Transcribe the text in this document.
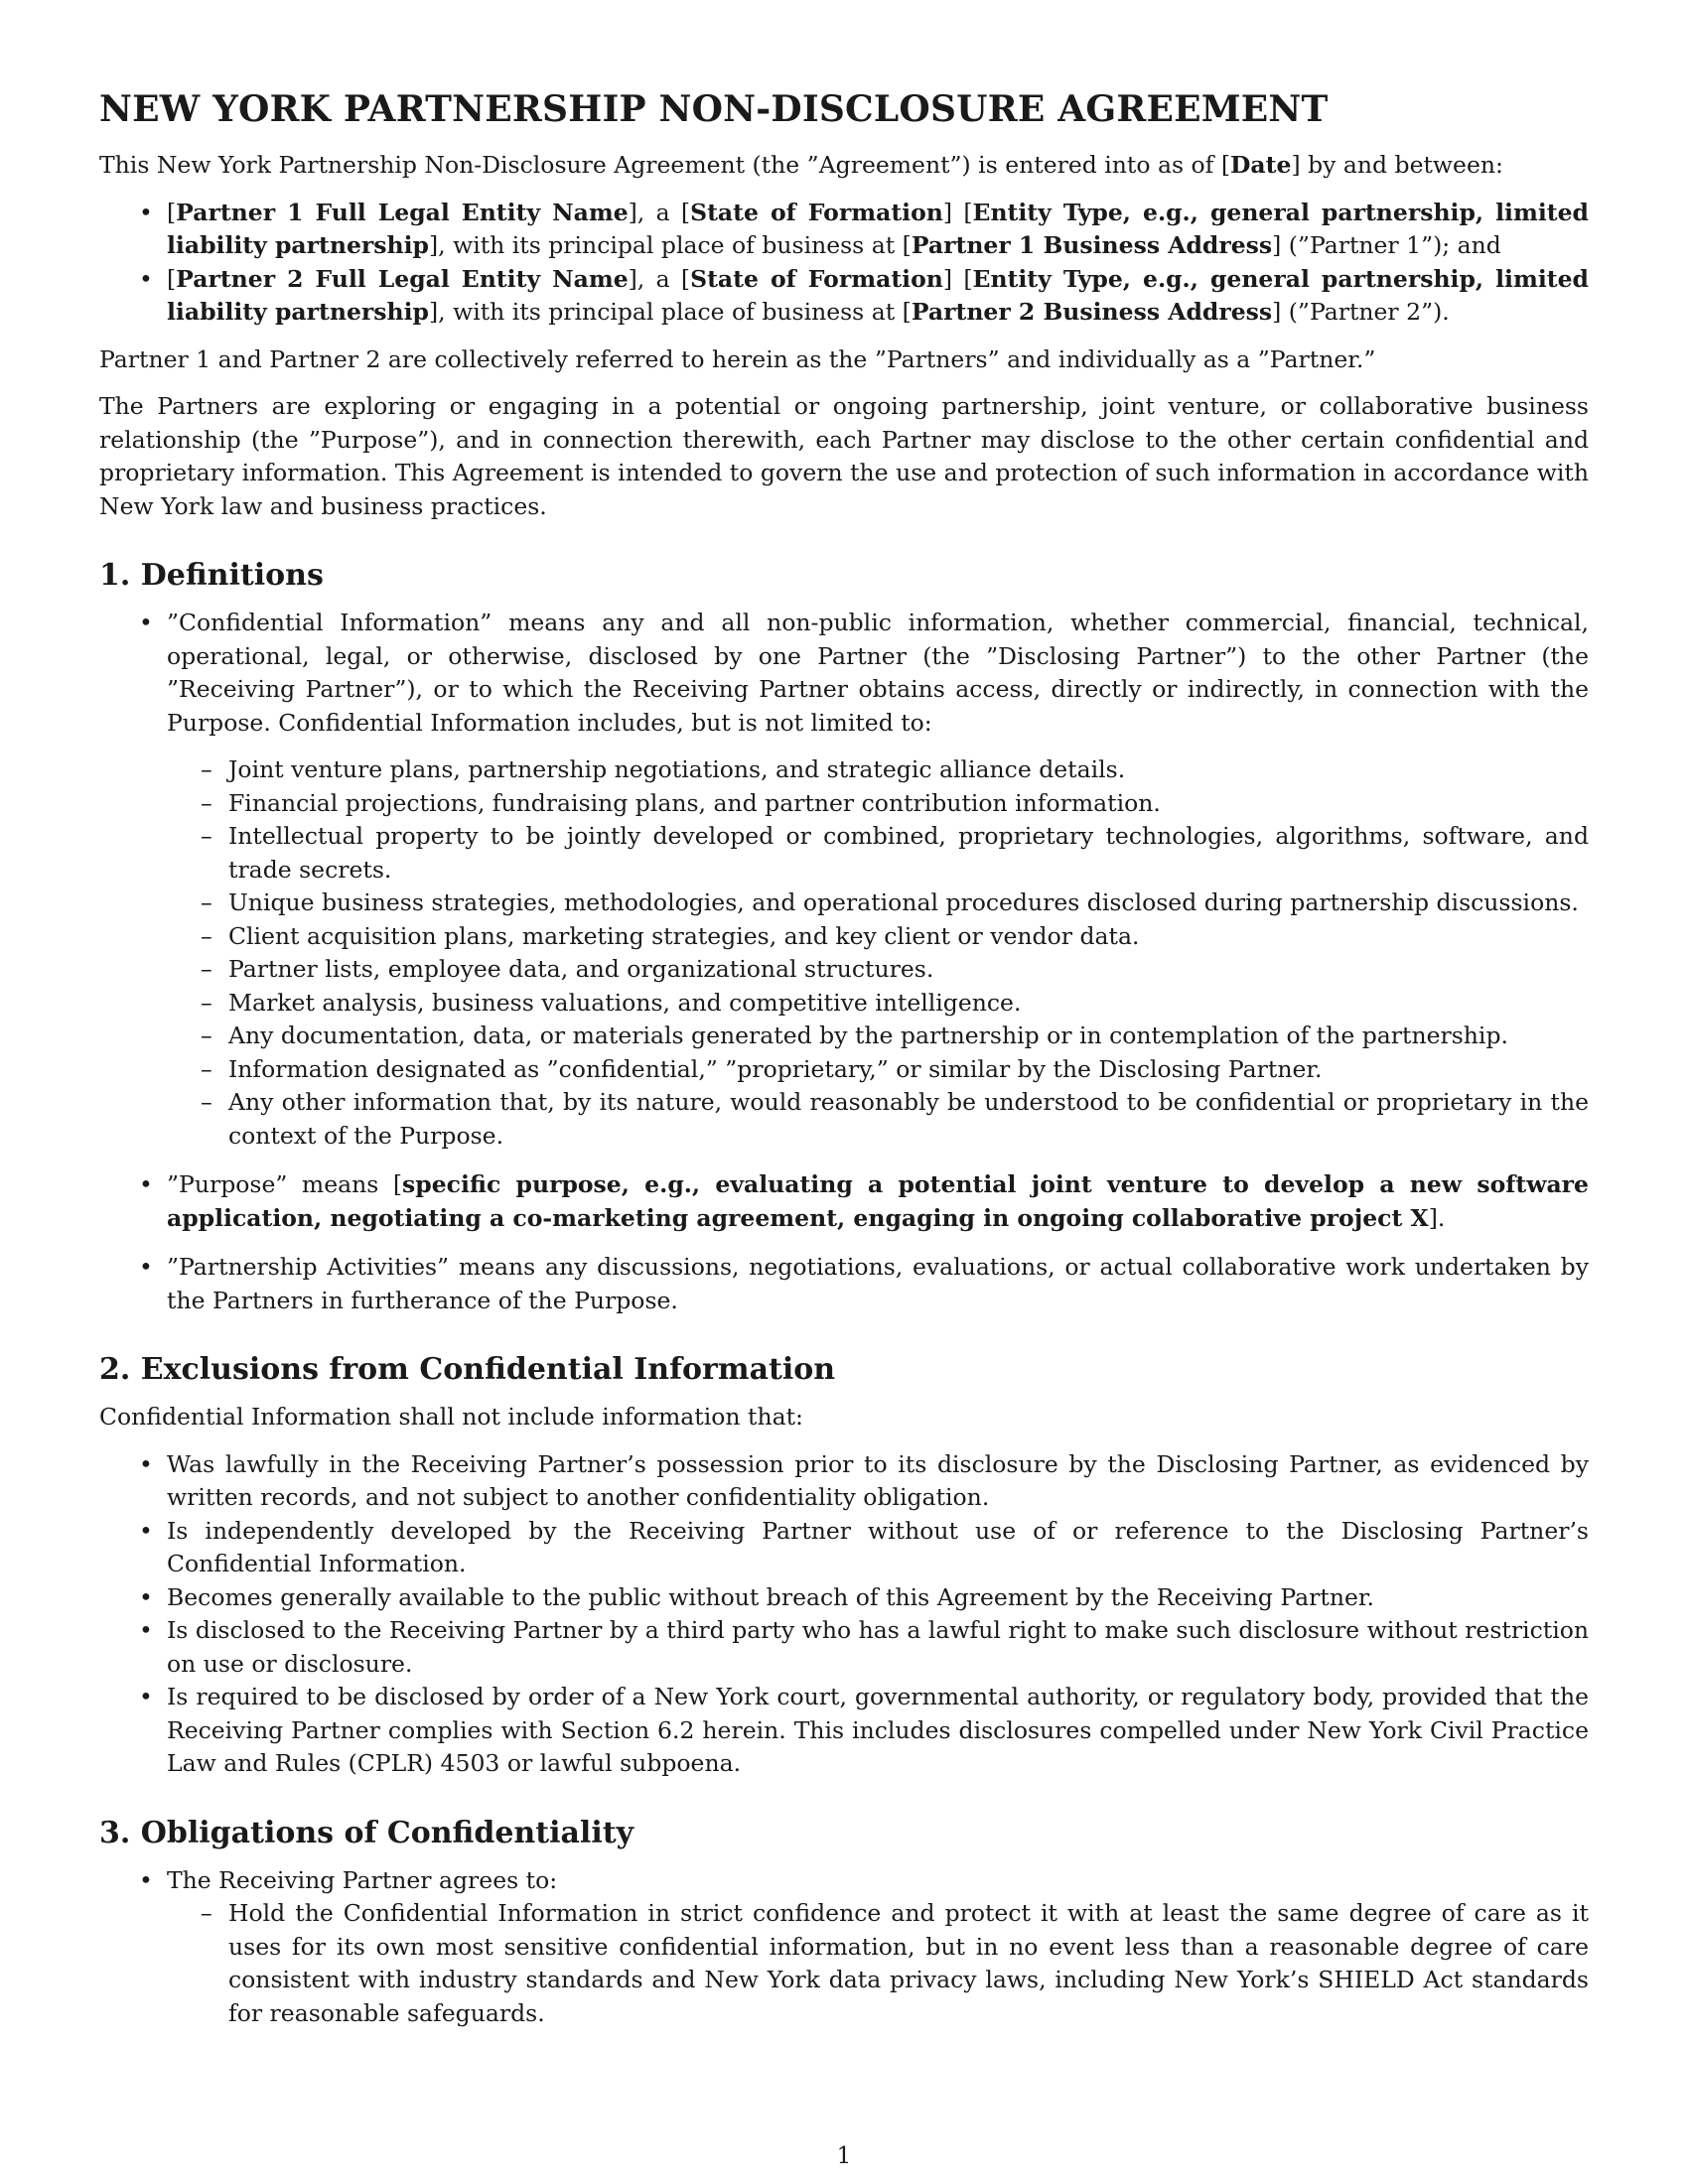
NEW YORK PARTNERSHIP NON-DISCLOSURE AGREEMENT

This New York Partnership Non-Disclosure Agreement (the ”Agreement”) is entered into as of [Date] by and between:

• [Partner 1 Full Legal Entity Name], a [State of Formation] [Entity Type, e.g., general partnership, limited liability partnership], with its principal place of business at [Partner 1 Business Address] (”Partner 1”); and
• [Partner 2 Full Legal Entity Name], a [State of Formation] [Entity Type, e.g., general partnership, limited liability partnership], with its principal place of business at [Partner 2 Business Address] (”Partner 2”).

Partner 1 and Partner 2 are collectively referred to herein as the ”Partners” and individually as a ”Partner.”

The Partners are exploring or engaging in a potential or ongoing partnership, joint venture, or collaborative business relationship (the ”Purpose”), and in connection therewith, each Partner may disclose to the other certain confidential and proprietary information. This Agreement is intended to govern the use and protection of such information in accordance with New York law and business practices.

1. Definitions
• ”Confidential Information” means any and all non-public information, whether commercial, financial, technical, operational, legal, or otherwise, disclosed by one Partner (the ”Disclosing Partner”) to the other Partner (the ”Receiving Partner”), or to which the Receiving Partner obtains access, directly or indirectly, in connection with the Purpose. Confidential Information includes, but is not limited to:
– Joint venture plans, partnership negotiations, and strategic alliance details.
– Financial projections, fundraising plans, and partner contribution information.
– Intellectual property to be jointly developed or combined, proprietary technologies, algorithms, software, and trade secrets.
– Unique business strategies, methodologies, and operational procedures disclosed during partnership discussions.
– Client acquisition plans, marketing strategies, and key client or vendor data.
– Partner lists, employee data, and organizational structures.
– Market analysis, business valuations, and competitive intelligence.
– Any documentation, data, or materials generated by the partnership or in contemplation of the partnership.
– Information designated as ”confidential,” ”proprietary,” or similar by the Disclosing Partner.
– Any other information that, by its nature, would reasonably be understood to be confidential or proprietary in the context of the Purpose.
• ”Purpose” means [specific purpose, e.g., evaluating a potential joint venture to develop a new software application, negotiating a co-marketing agreement, engaging in ongoing collaborative project X].
• ”Partnership Activities” means any discussions, negotiations, evaluations, or actual collaborative work undertaken by the Partners in furtherance of the Purpose.
2. Exclusions from Confidential Information

Confidential Information shall not include information that:

• Was lawfully in the Receiving Partner’s possession prior to its disclosure by the Disclosing Partner, as evidenced by written records, and not subject to another confidentiality obligation.
• Is independently developed by the Receiving Partner without use of or reference to the Disclosing Partner’s Confidential Information.
• Becomes generally available to the public without breach of this Agreement by the Receiving Partner.
• Is disclosed to the Receiving Partner by a third party who has a lawful right to make such disclosure without restriction on use or disclosure.
• Is required to be disclosed by order of a New York court, governmental authority, or regulatory body, provided that the Receiving Partner complies with Section 6.2 herein. This includes disclosures compelled under New York Civil Practice Law and Rules (CPLR) 4503 or lawful subpoena.
3. Obligations of Confidentiality
• The Receiving Partner agrees to:
– Hold the Confidential Information in strict confidence and protect it with at least the same degree of care as it uses for its own most sensitive confidential information, but in no event less than a reasonable degree of care consistent with industry standards and New York data privacy laws, including New York’s SHIELD Act standards for reasonable safeguards.
1
